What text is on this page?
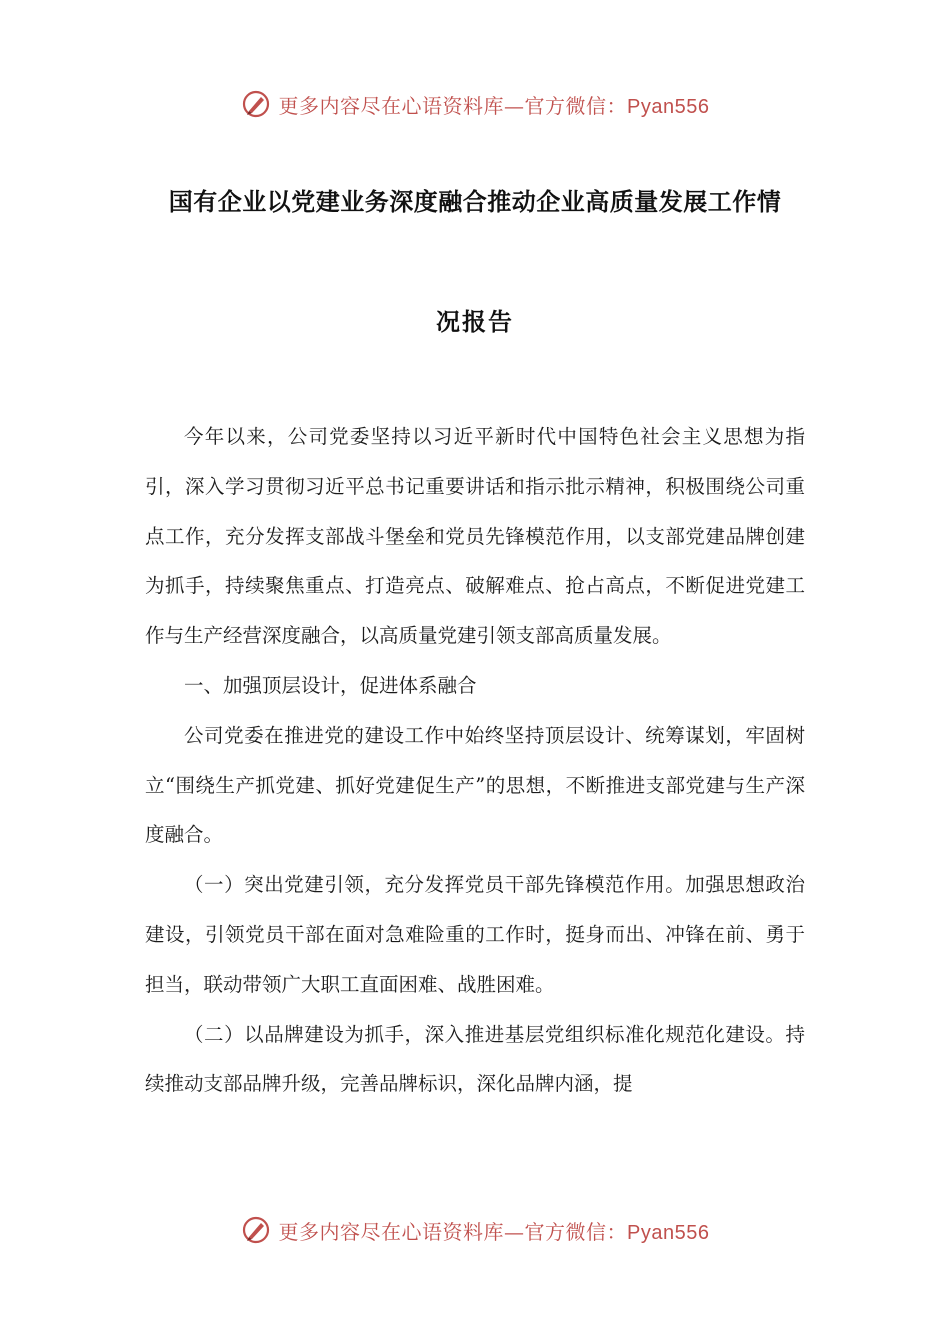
更多内容尽在心语资料库—官方微信：Pyan556
国有企业以党建业务深度融合推动企业高质量发展工作情
况报告

今年以来，公司党委坚持以习近平新时代中国特色社会主义思想为指引，深入学习贯彻习近平总书记重要讲话和指示批示精神，积极围绕公司重点工作，充分发挥支部战斗堡垒和党员先锋模范作用，以支部党建品牌创建为抓手，持续聚焦重点、打造亮点、破解难点、抢占高点，不断促进党建工作与生产经营深度融合，以高质量党建引领支部高质量发展。

一、加强顶层设计，促进体系融合

公司党委在推进党的建设工作中始终坚持顶层设计、统筹谋划，牢固树立“围绕生产抓党建、抓好党建促生产”的思想，不断推进支部党建与生产深度融合。

（一）突出党建引领，充分发挥党员干部先锋模范作用。加强思想政治建设，引领党员干部在面对急难险重的工作时，挺身而出、冲锋在前、勇于担当，联动带领广大职工直面困难、战胜困难。

（二）以品牌建设为抓手，深入推进基层党组织标准化规范化建设。持续推动支部品牌升级，完善品牌标识，深化品牌内涵，提

更多内容尽在心语资料库—官方微信：Pyan556
